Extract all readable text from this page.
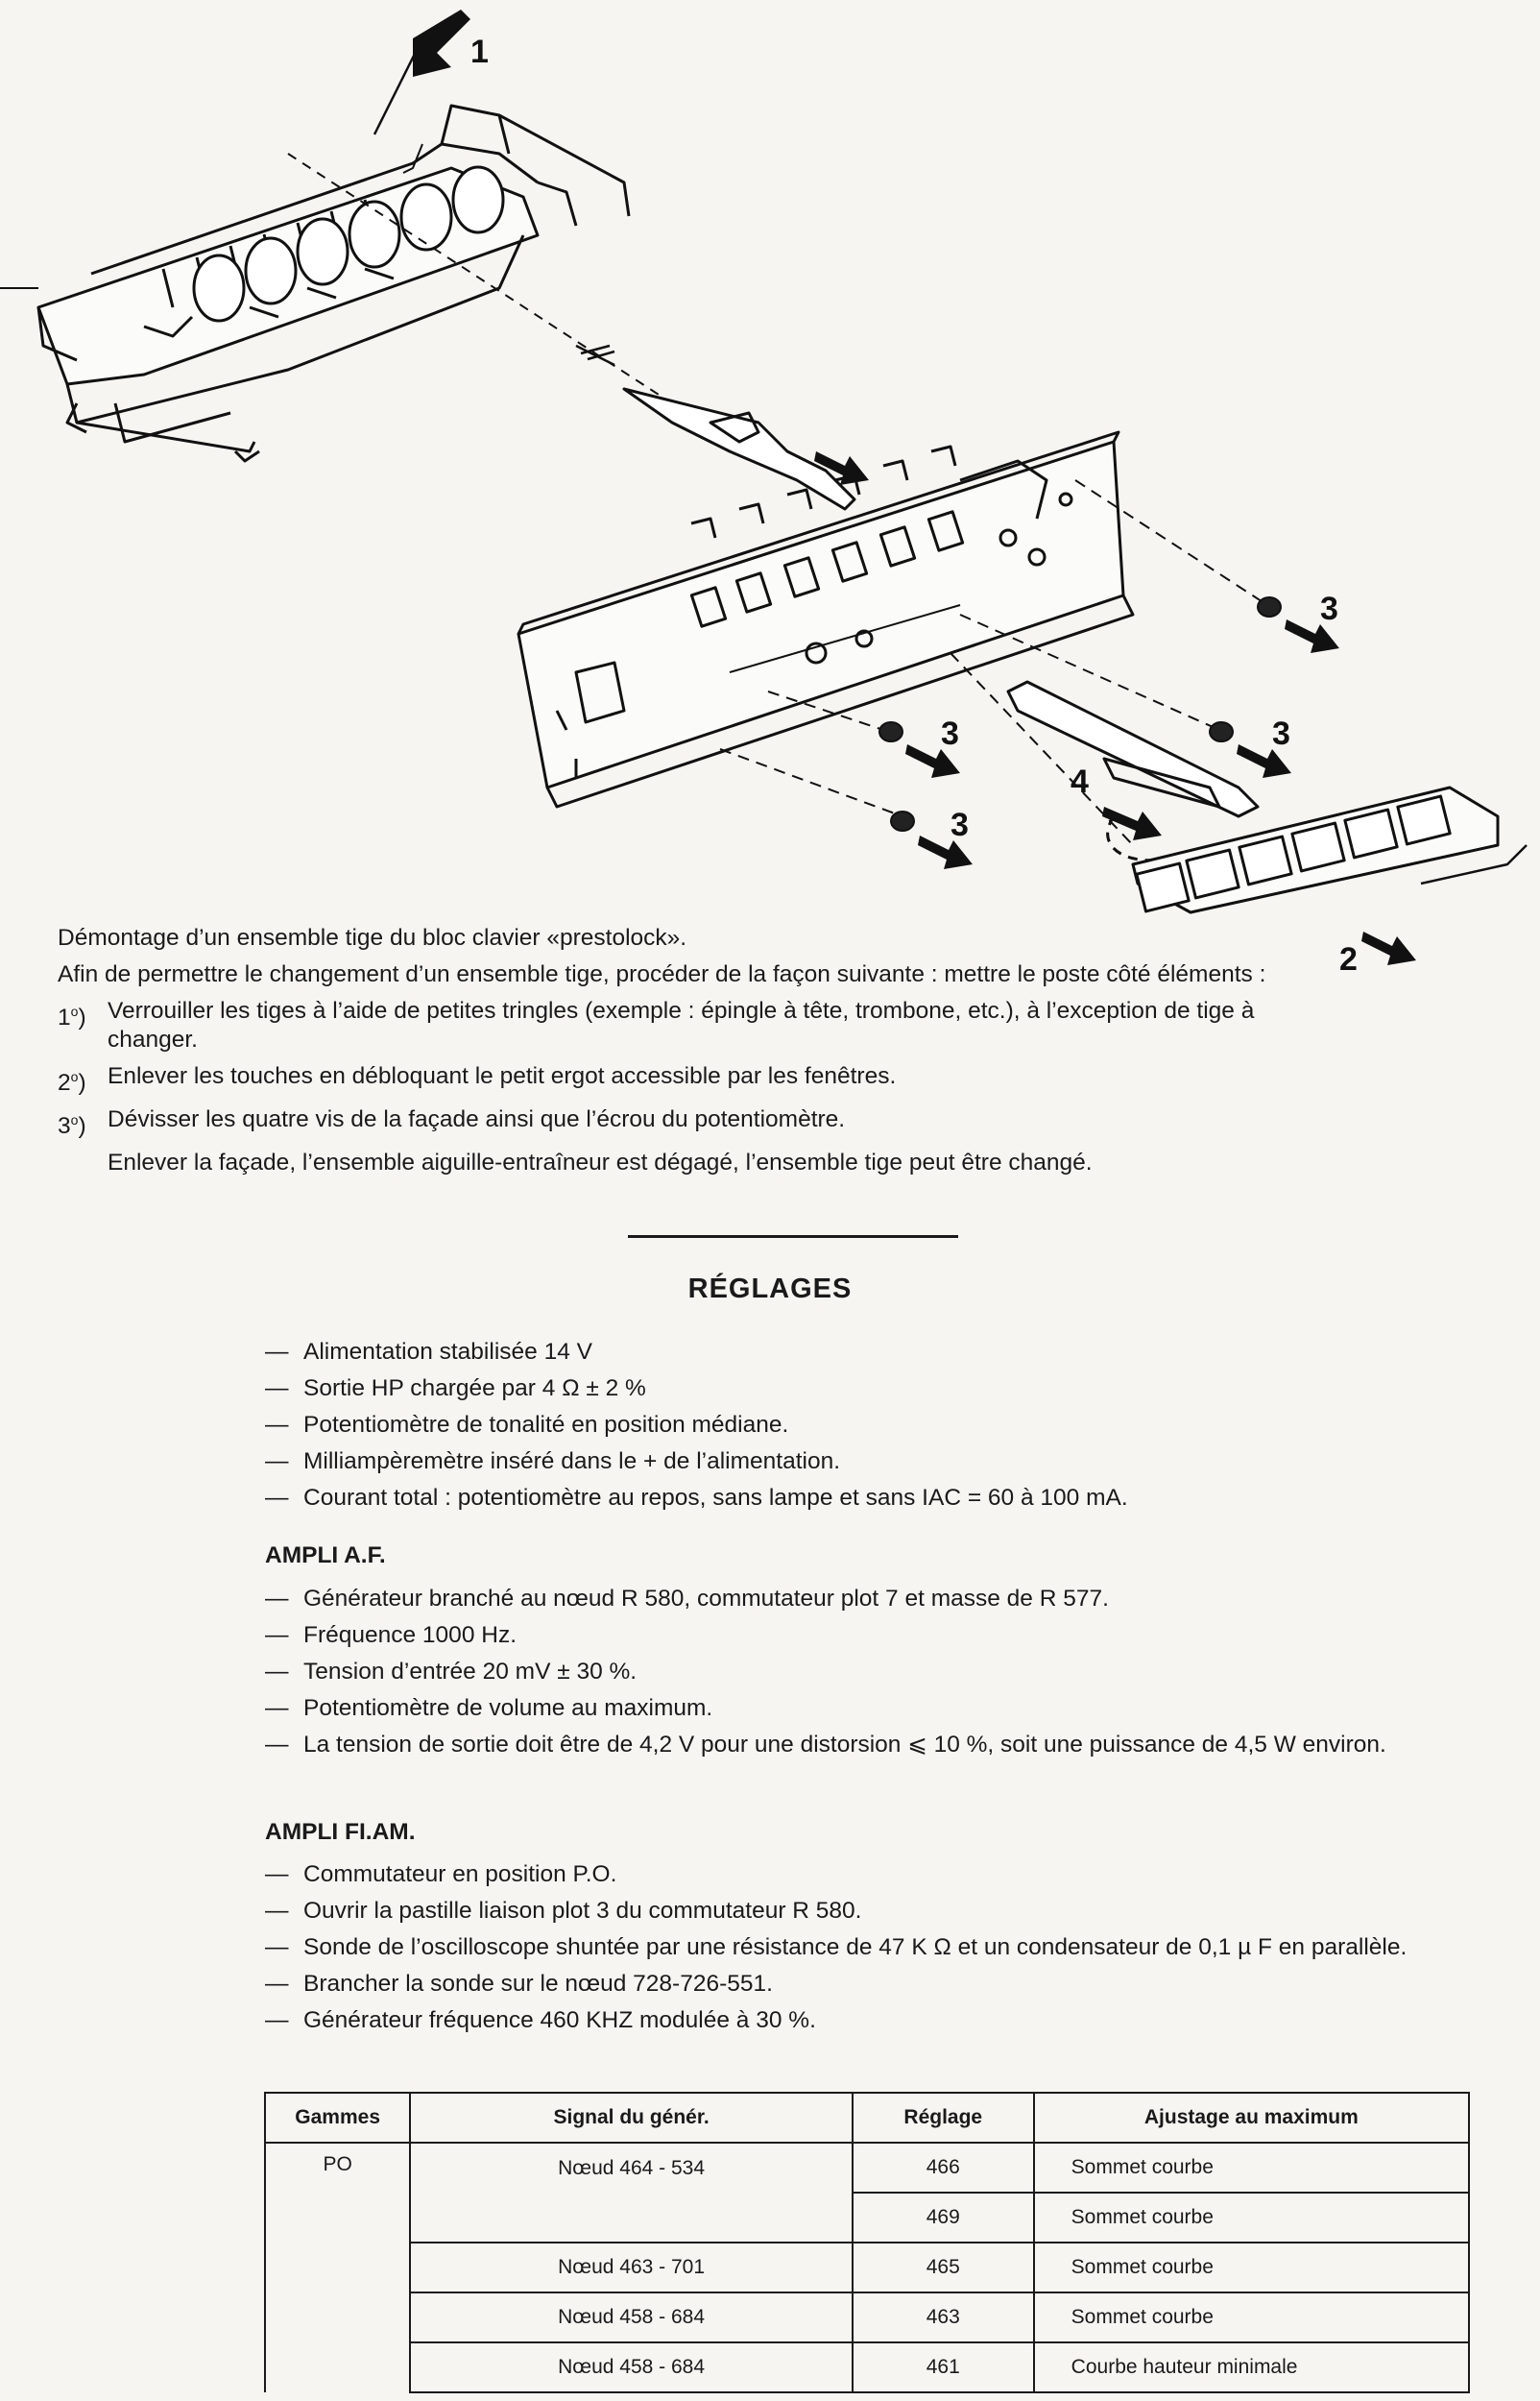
1
2
3
3
3
3
4

Démontage d’un ensemble tige du bloc clavier «prestolock».

Afin de permettre le changement d’un ensemble tige, procéder de la façon suivante : mettre le poste côté éléments :

1$^o$) Verrouiller les tiges à l’aide de petites tringles (exemple : épingle à tête, trombone, etc.), à l’exception de tige à changer.
2$^o$) Enlever les touches en débloquant le petit ergot accessible par les fenêtres.
3$^o$) Dévisser les quatre vis de la façade ainsi que l’écrou du potentiomètre.

Enlever la façade, l’ensemble aiguille-entraîneur est dégagé, l’ensemble tige peut être changé.

RÉGLAGES
— Alimentation stabilisée 14 V
— Sortie HP chargée par 4 Ω ± 2 %
— Potentiomètre de tonalité en position médiane.
— Milliampèremètre inséré dans le + de l’alimentation.
— Courant total : potentiomètre au repos, sans lampe et sans IAC = 60 à 100 mA.
AMPLI A.F.
— Générateur branché au nœud R 580, commutateur plot 7 et masse de R 577.
— Fréquence 1000 Hz.
— Tension d’entrée 20 mV ± 30 %.
— Potentiomètre de volume au maximum.
— La tension de sortie doit être de 4,2 V pour une distorsion ⩽ 10 %, soit une puissance de 4,5 W environ.
AMPLI FI.AM.
— Commutateur en position P.O.
— Ouvrir la pastille liaison plot 3 du commutateur R 580.
— Sonde de l’oscilloscope shuntée par une résistance de 47 K Ω et un condensateur de 0,1 µ F en parallèle.
— Brancher la sonde sur le nœud 728-726-551.
— Générateur fréquence 460 KHZ modulée à 30 %.
Gammes	Signal du génér.	Réglage	Ajustage au maximum
PO	Nœud 464 - 534	466	Sommet courbe
		469	Sommet courbe
	Nœud 463 - 701	465	Sommet courbe
	Nœud 458 - 684	463	Sommet courbe
	Nœud 458 - 684	461	Courbe hauteur minimale
